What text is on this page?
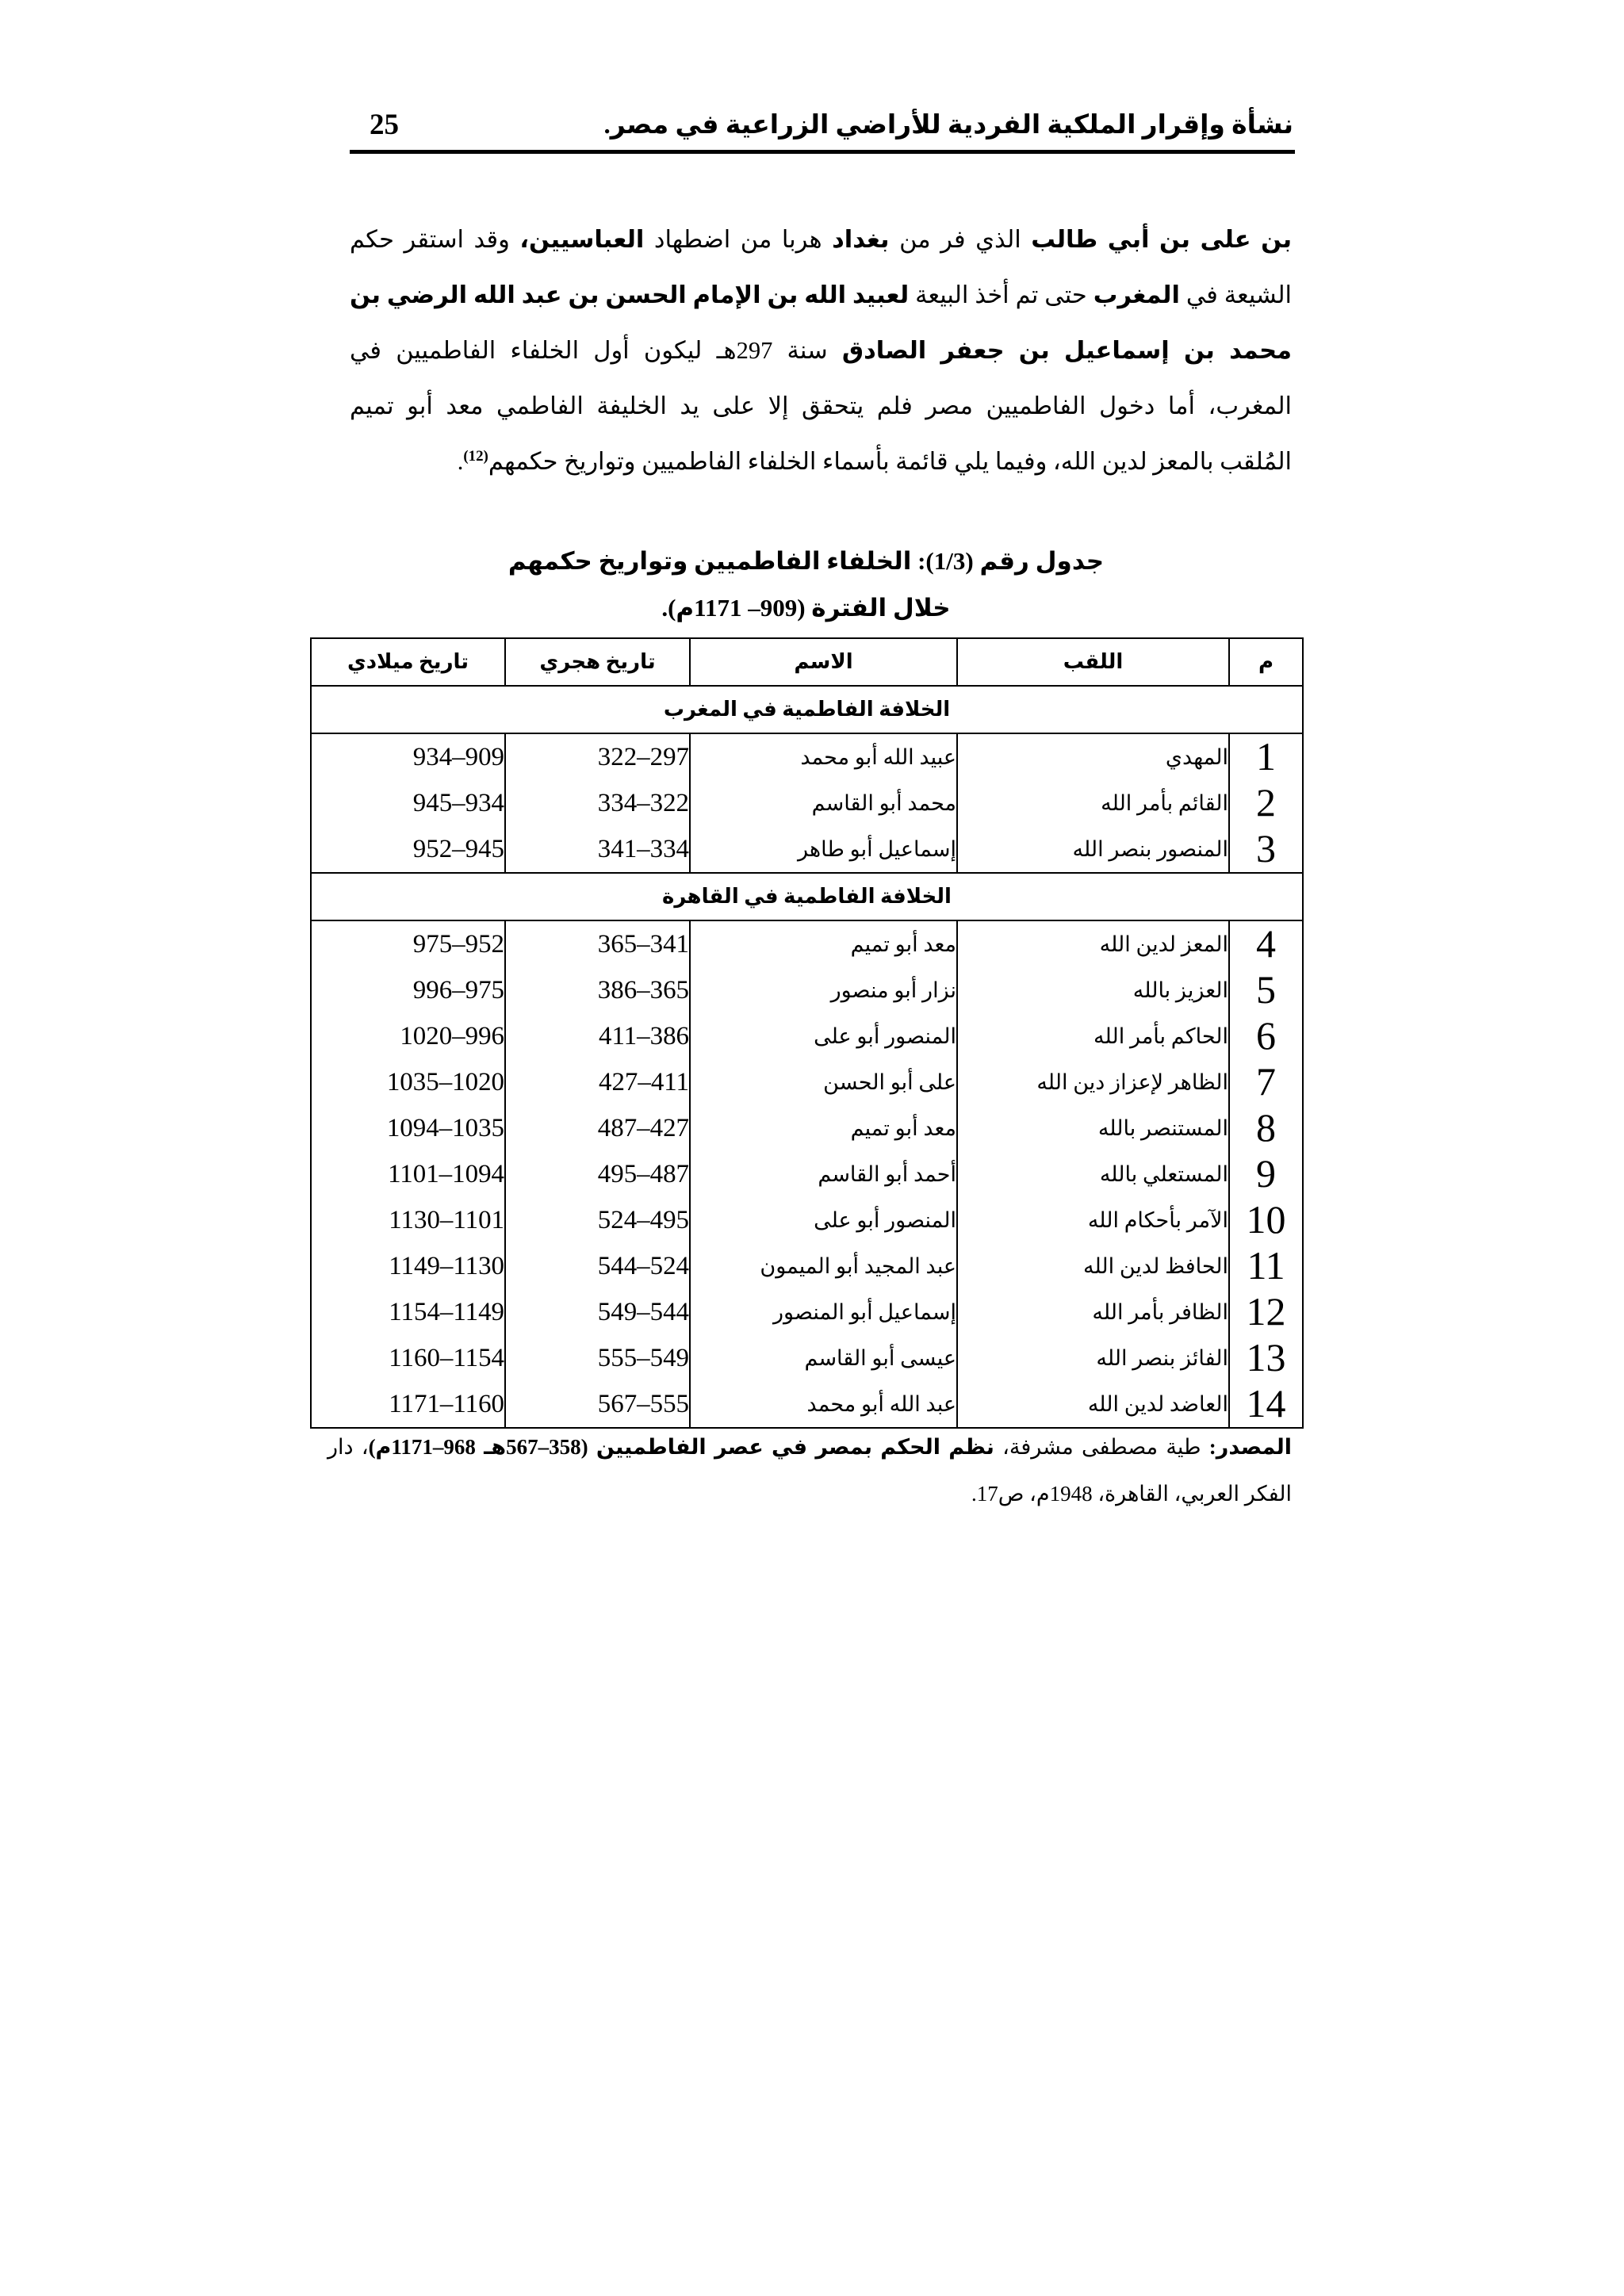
نشأة وإقرار الملكية الفردية للأراضي الزراعية في مصر.
25
بن على بن أبي طالب الذي فر من بغداد هربا من اضطهاد العباسيين، وقد استقر حكم
الشيعة في المغرب حتى تم أخذ البيعة لعبيد الله بن الإمام الحسن بن عبد الله الرضي بن
محمد بن إسماعيل بن جعفر الصادق سنة 297هـ ليكون أول الخلفاء الفاطميين في
المغرب، أما دخول الفاطميين مصر فلم يتحقق إلا على يد الخليفة الفاطمي معد أبو تميم
المُلقب بالمعز لدين الله، وفيما يلي قائمة بأسماء الخلفاء الفاطميين وتواريخ حكمهم$^{(12)}$.
جدول رقم (1/3): الخلفاء الفاطميين وتواريخ حكمهم
خلال الفترة (909– 1171م).
م	اللقب	الاسم	تاريخ هجري	تاريخ ميلادي

الخلافة الفاطمية في المغرب				

1	المهدي	عبيد الله أبو محمد	322–297	934–909

2	القائم بأمر الله	محمد أبو القاسم	334–322	945–934

3	المنصور بنصر الله	إسماعيل أبو طاهر	341–334	952–945

الخلافة الفاطمية في القاهرة				

4	المعز لدين الله	معد أبو تميم	365–341	975–952

5	العزيز بالله	نزار أبو منصور	386–365	996–975

6	الحاكم بأمر الله	المنصور أبو على	411–386	1020–996

7	الظاهر لإعزاز دين الله	على أبو الحسن	427–411	1035–1020

8	المستنصر بالله	معد أبو تميم	487–427	1094–1035

9	المستعلي بالله	أحمد أبو القاسم	495–487	1101–1094

10	الآمر بأحكام الله	المنصور أبو على	524–495	1130–1101

11	الحافظ لدين الله	عبد المجيد أبو الميمون	544–524	1149–1130

12	الظافر بأمر الله	إسماعيل أبو المنصور	549–544	1154–1149

13	الفائز بنصر الله	عيسى أبو القاسم	555–549	1160–1154

14	العاضد لدين الله	عبد الله أبو محمد	567–555	1171–1160
المصدر: طية مصطفى مشرفة، نظم الحكم بمصر في عصر الفاطميين (358–567هـ 968–1171م)، دار
الفكر العربي، القاهرة، 1948م، ص17.
